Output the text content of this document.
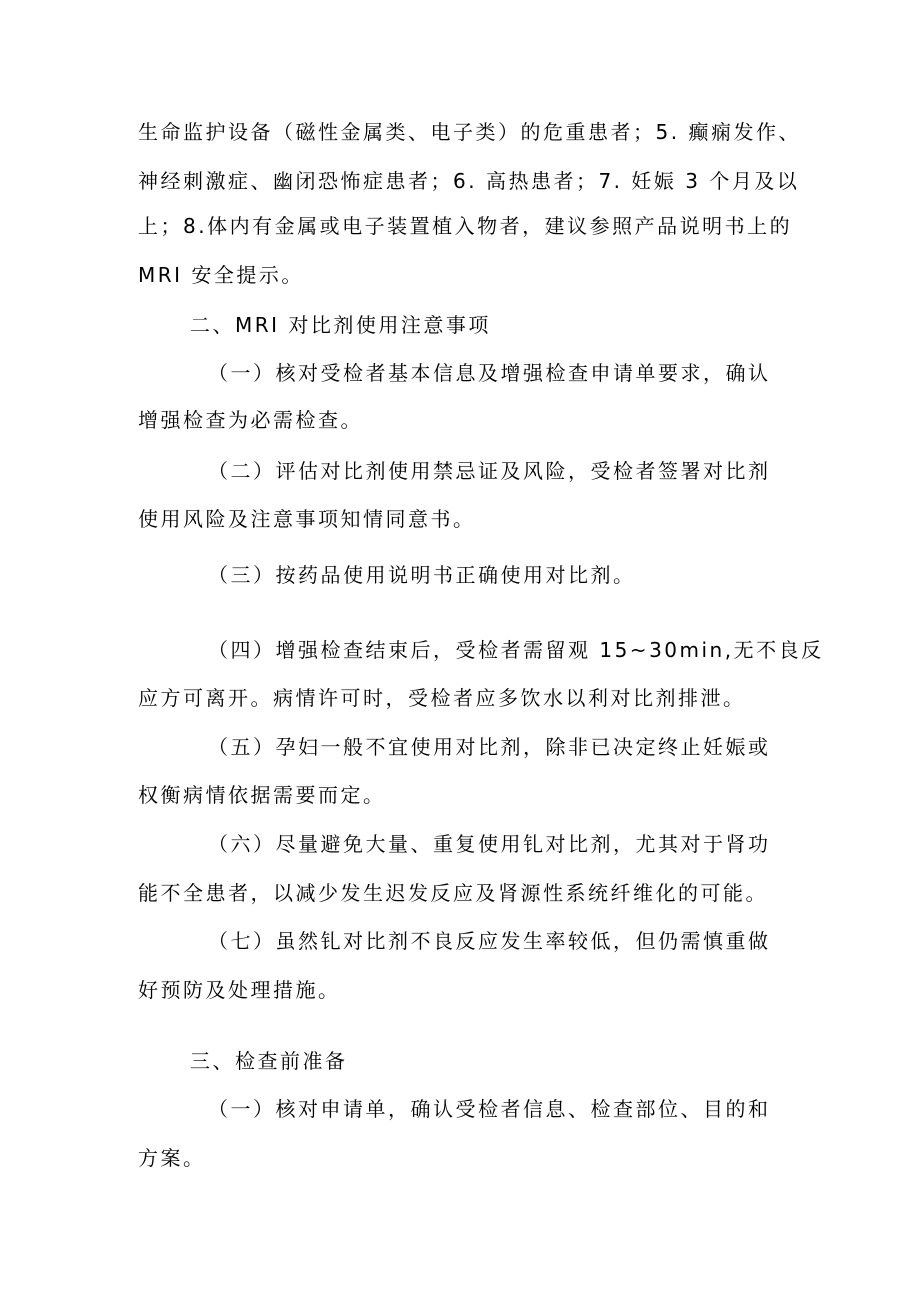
生命监护设备（磁性金属类、电子类）的危重患者；5. 癫痫发作、
神经刺激症、幽闭恐怖症患者；6. 高热患者；7. 妊娠 3 个月及以
上；8.体内有金属或电子装置植入物者，建议参照产品说明书上的
MRI 安全提示。
二、MRI 对比剂使用注意事项
（一）核对受检者基本信息及增强检查申请单要求，确认
增强检查为必需检查。
（二）评估对比剂使用禁忌证及风险，受检者签署对比剂
使用风险及注意事项知情同意书。
（三）按药品使用说明书正确使用对比剂。
（四）增强检查结束后，受检者需留观 15~30min,无不良反
应方可离开。病情许可时，受检者应多饮水以利对比剂排泄。
（五）孕妇一般不宜使用对比剂，除非已决定终止妊娠或
权衡病情依据需要而定。
（六）尽量避免大量、重复使用钆对比剂，尤其对于肾功
能不全患者，以减少发生迟发反应及肾源性系统纤维化的可能。
（七）虽然钆对比剂不良反应发生率较低，但仍需慎重做
好预防及处理措施。
三、检查前准备
（一）核对申请单，确认受检者信息、检查部位、目的和
方案。
